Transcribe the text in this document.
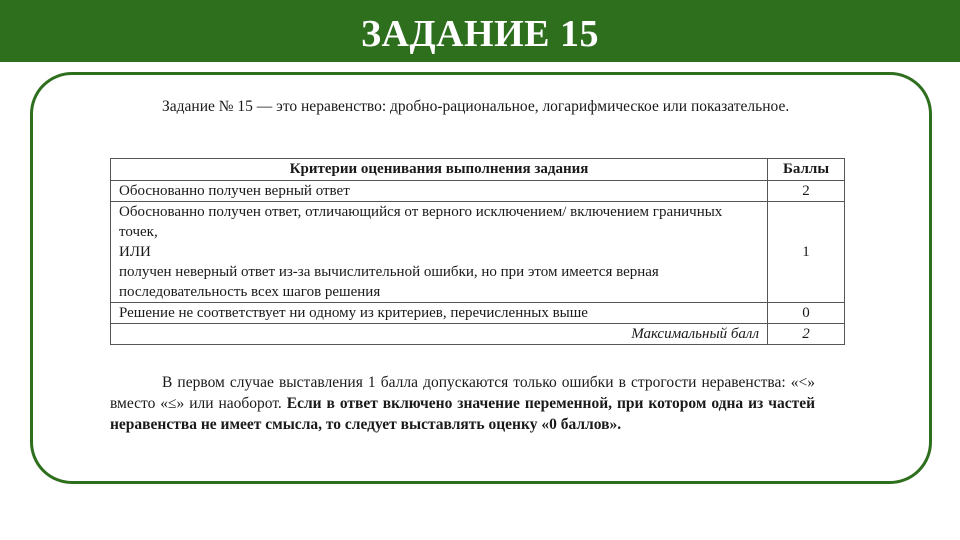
ЗАДАНИЕ 15
Задание № 15 — это неравенство: дробно-рациональное, логарифмическое или показательное.
Критерии оценивания выполнения задания	Баллы

Обоснованно получен верный ответ	2

Обоснованно получен ответ, отличающийся от верного исключением/ включением граничных точек,
ИЛИ
получен неверный ответ из-за вычислительной ошибки, но при этом имеется верная последовательность всех шагов решения	1

Решение не соответствует ни одному из критериев, перечисленных выше	0
Максимальный балл	2
В первом случае выставления 1 балла допускаются только ошибки в строгости неравенства: «<» вместо «≤» или наоборот. Если в ответ включено значение переменной, при котором одна из частей неравенства не имеет смысла, то следует выставлять оценку «0 баллов».
